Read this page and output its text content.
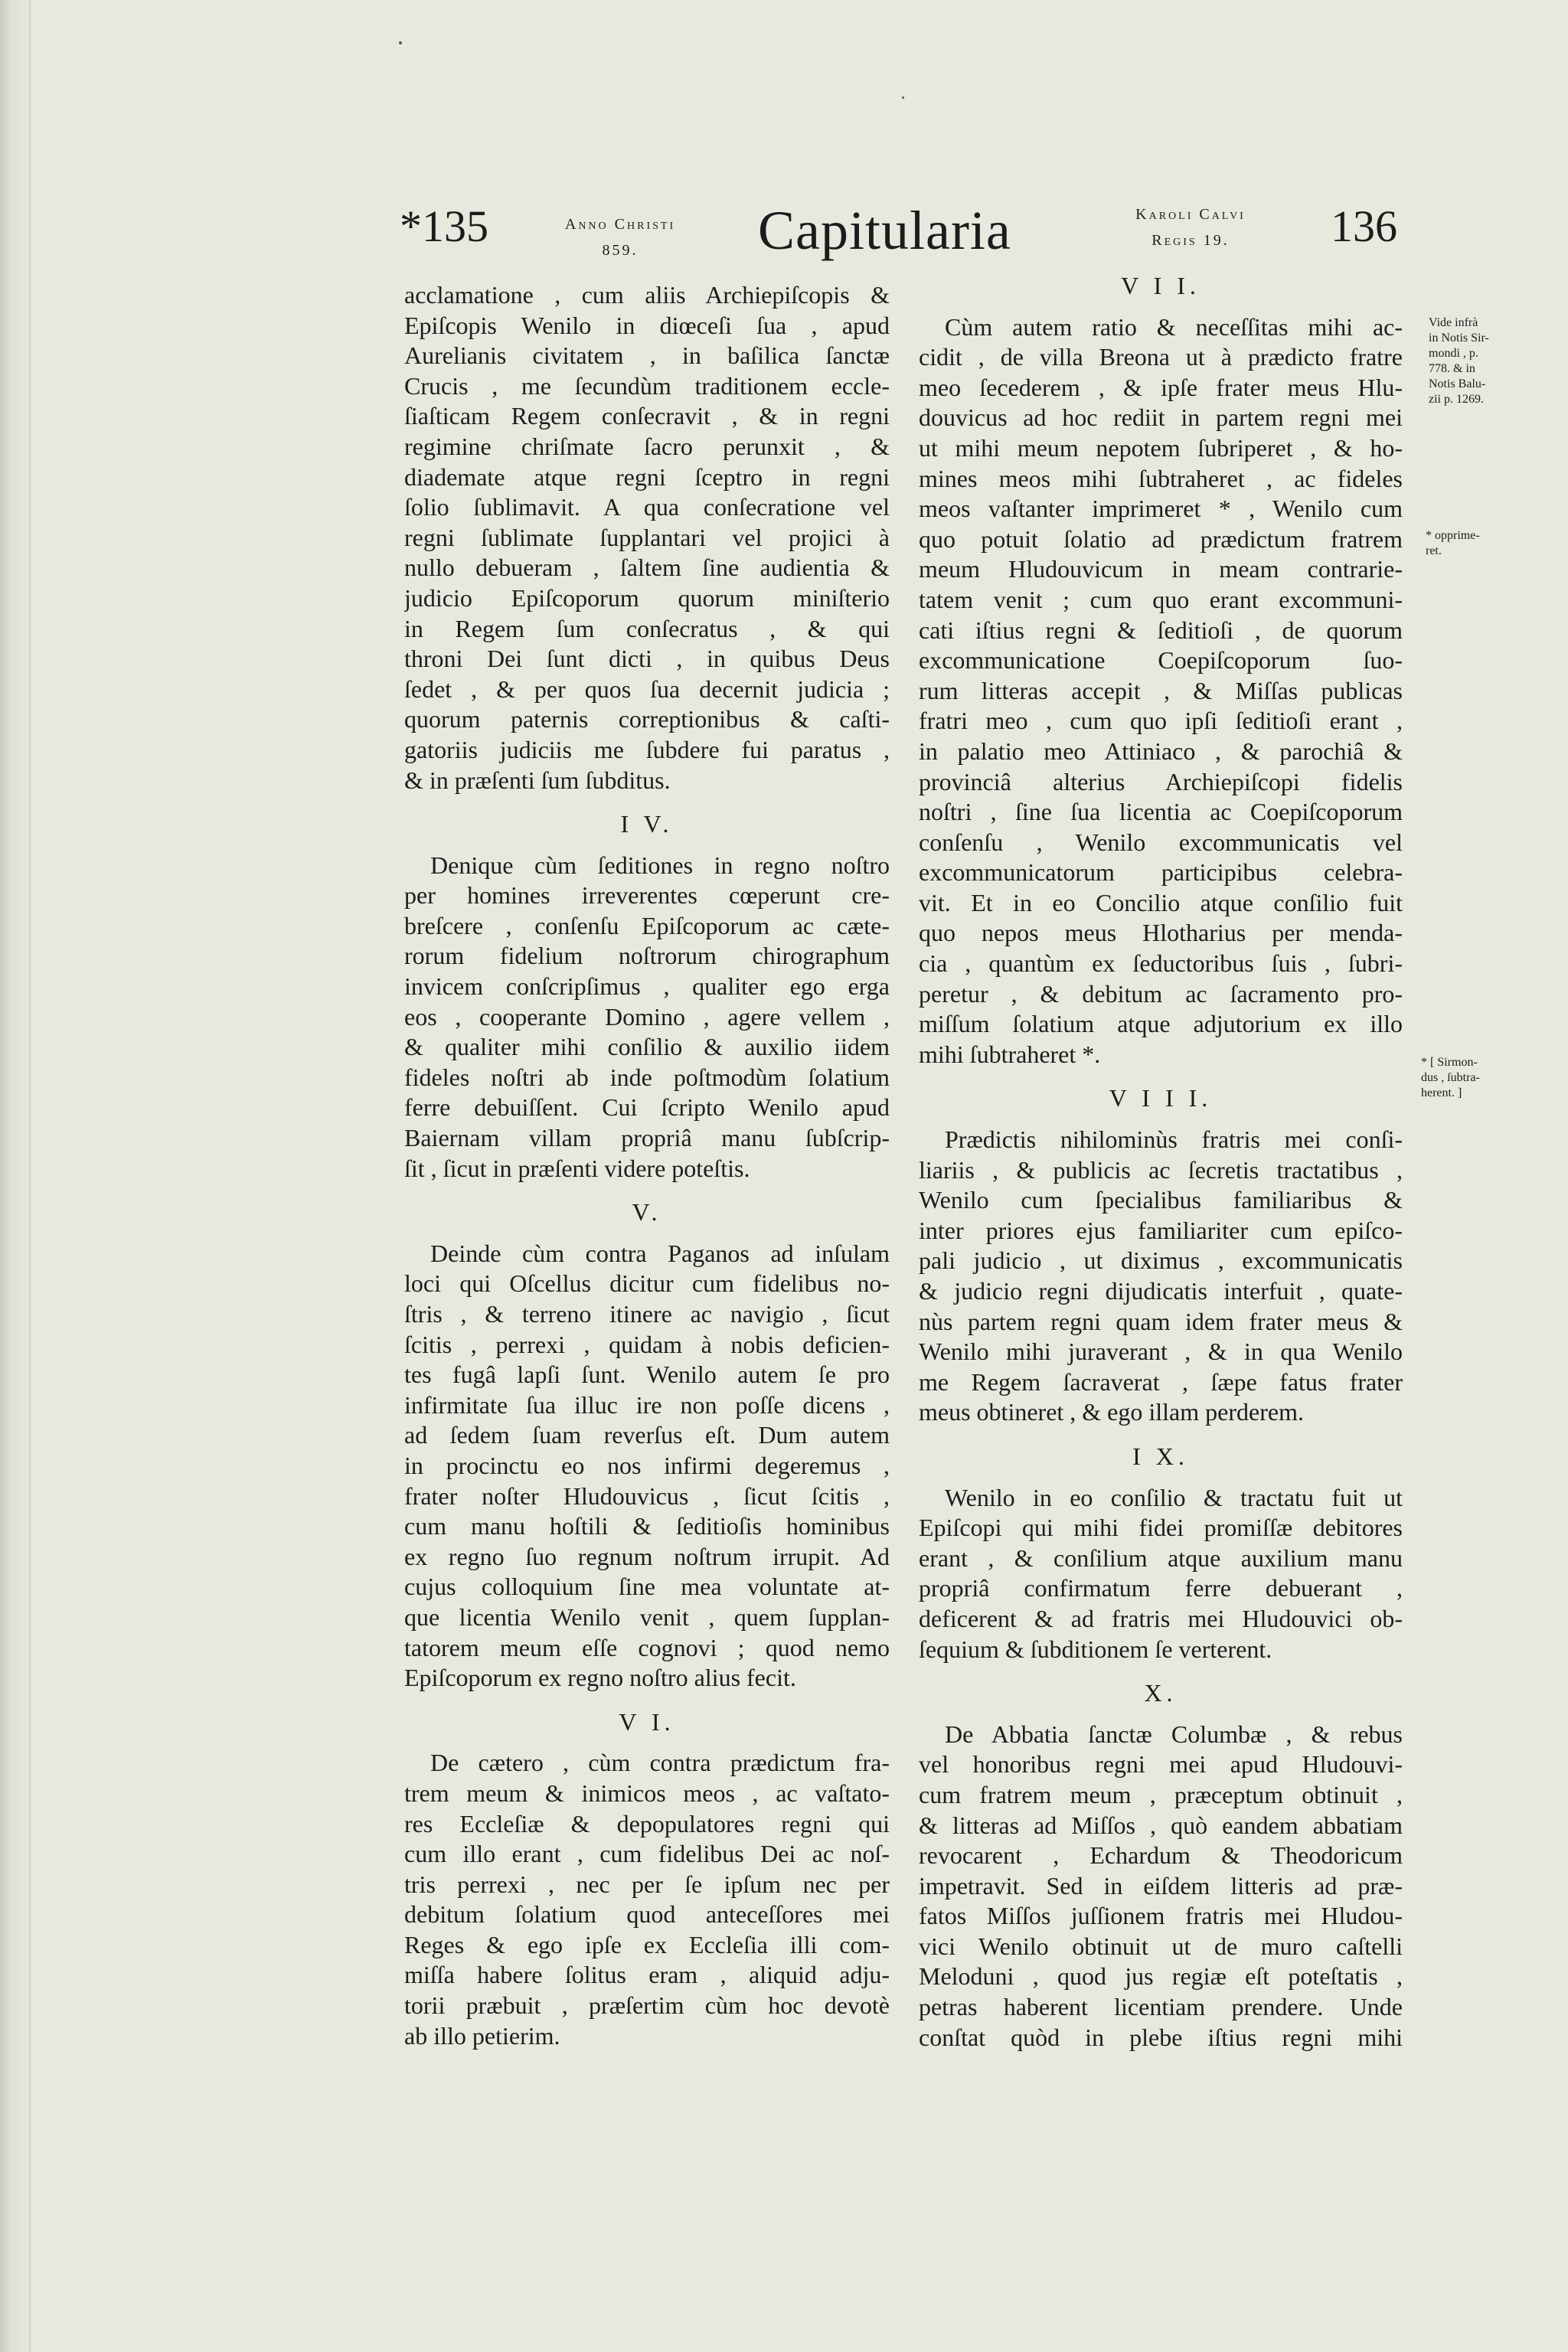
*135	Anno Christi
859.	Capitularia	Karoli Calvi
Regis 19.	136
acclamatione , cum aliis Archiepiſcopis &
Epiſcopis Wenilo in diœceſi ſua , apud
Aurelianis civitatem , in baſilica ſanctæ
Crucis , me ſecundùm traditionem eccle-
ſiaſticam Regem conſecravit , & in regni
regimine chriſmate ſacro perunxit , &
diademate atque regni ſceptro in regni
ſolio ſublimavit. A qua conſecratione vel
regni ſublimate ſupplantari vel projici à
nullo debueram , ſaltem ſine audientia &
judicio Epiſcoporum quorum miniſterio
in Regem ſum conſecratus , & qui
throni Dei ſunt dicti , in quibus Deus
ſedet , & per quos ſua decernit judicia ;
quorum paternis correptionibus & caſti-
gatoriis judiciis me ſubdere fui paratus ,
& in præſenti ſum ſubditus.
I V.
Denique cùm ſeditiones in regno noſtro
per homines irreverentes cœperunt cre-
breſcere , conſenſu Epiſcoporum ac cæte-
rorum fidelium noſtrorum chirographum
invicem conſcripſimus , qualiter ego erga
eos , cooperante Domino , agere vellem ,
& qualiter mihi conſilio & auxilio iidem
fideles noſtri ab inde poſtmodùm ſolatium
ferre debuiſſent. Cui ſcripto Wenilo apud
Baiernam villam propriâ manu ſubſcrip-
ſit , ſicut in præſenti videre poteſtis.
V.
Deinde cùm contra Paganos ad inſulam
loci qui Oſcellus dicitur cum fidelibus no-
ſtris , & terreno itinere ac navigio , ſicut
ſcitis , perrexi , quidam à nobis deficien-
tes fugâ lapſi ſunt. Wenilo autem ſe pro
infirmitate ſua illuc ire non poſſe dicens ,
ad ſedem ſuam reverſus eſt. Dum autem
in procinctu eo nos infirmi degeremus ,
frater noſter Hludouvicus , ſicut ſcitis ,
cum manu hoſtili & ſeditioſis hominibus
ex regno ſuo regnum noſtrum irrupit. Ad
cujus colloquium ſine mea voluntate at-
que licentia Wenilo venit , quem ſupplan-
tatorem meum eſſe cognovi ; quod nemo
Epiſcoporum ex regno noſtro alius fecit.
V I.
De cætero , cùm contra prædictum fra-
trem meum & inimicos meos , ac vaſtato-
res Eccleſiæ & depopulatores regni qui
cum illo erant , cum fidelibus Dei ac noſ-
tris perrexi , nec per ſe ipſum nec per
debitum ſolatium quod anteceſſores mei
Reges & ego ipſe ex Eccleſia illi com-
miſſa habere ſolitus eram , aliquid adju-
torii præbuit , præſertim cùm hoc devotè
ab illo petierim.
V I I.
Cùm autem ratio & neceſſitas mihi ac-
cidit , de villa Breona ut à prædicto fratre
meo ſecederem , & ipſe frater meus Hlu-
douvicus ad hoc rediit in partem regni mei
ut mihi meum nepotem ſubriperet , & ho-
mines meos mihi ſubtraheret , ac fideles
meos vaſtanter imprimeret * , Wenilo cum
quo potuit ſolatio ad prædictum fratrem
meum Hludouvicum in meam contrarie-
tatem venit ; cum quo erant excommuni-
cati iſtius regni & ſeditioſi , de quorum
excommunicatione Coepiſcoporum ſuo-
rum litteras accepit , & Miſſas publicas
fratri meo , cum quo ipſi ſeditioſi erant ,
in palatio meo Attiniaco , & parochiâ &
provinciâ alterius Archiepiſcopi fidelis
noſtri , ſine ſua licentia ac Coepiſcoporum
conſenſu , Wenilo excommunicatis vel
excommunicatorum participibus celebra-
vit. Et in eo Concilio atque conſilio fuit
quo nepos meus Hlotharius per menda-
cia , quantùm ex ſeductoribus ſuis , ſubri-
peretur , & debitum ac ſacramento pro-
miſſum ſolatium atque adjutorium ex illo
mihi ſubtraheret *.
V I I I.
Prædictis nihilominùs fratris mei conſi-
liariis , & publicis ac ſecretis tractatibus ,
Wenilo cum ſpecialibus familiaribus &
inter priores ejus familiariter cum epiſco-
pali judicio , ut diximus , excommunicatis
& judicio regni dijudicatis interfuit , quate-
nùs partem regni quam idem frater meus &
Wenilo mihi juraverant , & in qua Wenilo
me Regem ſacraverat , ſæpe fatus frater
meus obtineret , & ego illam perderem.
I X.
Wenilo in eo conſilio & tractatu fuit ut
Epiſcopi qui mihi fidei promiſſæ debitores
erant , & conſilium atque auxilium manu
propriâ confirmatum ferre debuerant ,
deficerent & ad fratris mei Hludouvici ob-
ſequium & ſubditionem ſe verterent.
X.
De Abbatia ſanctæ Columbæ , & rebus
vel honoribus regni mei apud Hludouvi-
cum fratrem meum , præceptum obtinuit ,
& litteras ad Miſſos , quò eandem abbatiam
revocarent , Echardum & Theodoricum
impetravit. Sed in eiſdem litteris ad præ-
fatos Miſſos juſſionem fratris mei Hludou-
vici Wenilo obtinuit ut de muro caſtelli
Meloduni , quod jus regiæ eſt poteſtatis ,
petras haberent licentiam prendere. Unde
conſtat quòd in plebe iſtius regni mihi
Vide infrà
in Notis Sir-
mondi , p.
778. & in
Notis Balu-
zii p. 1269.
* opprime-
ret.
* [ Sirmon-
dus , ſubtra-
herent. ]
